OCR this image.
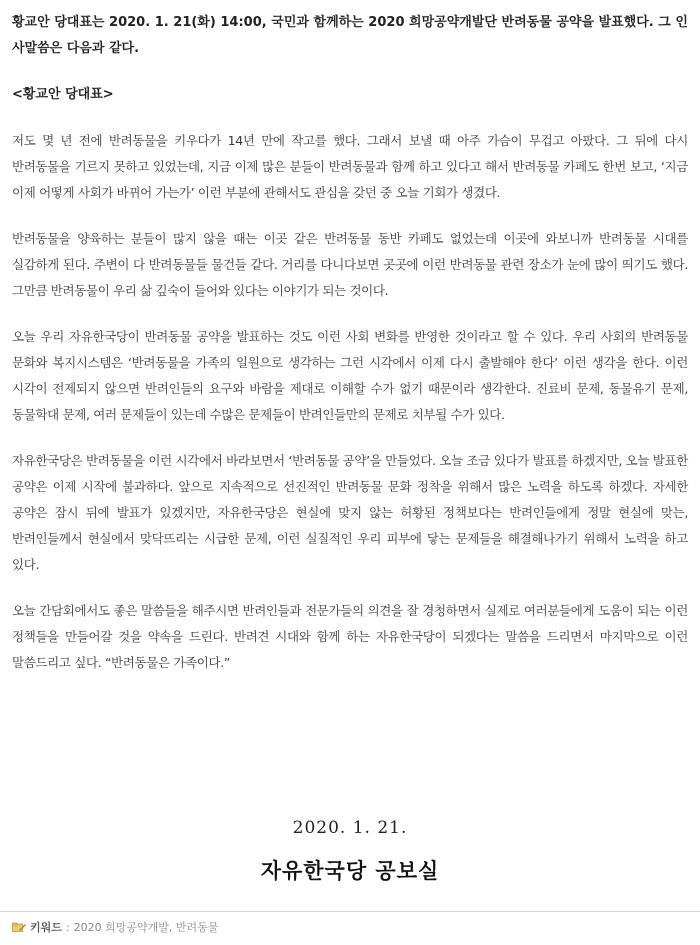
황교안 당대표는 2020. 1. 21(화) 14:00, 국민과 함께하는 2020 희망공약개발단 반려동물 공약을 발표했다. 그 인사말씀은 다음과 같다.

<황교안 당대표>

저도 몇 년 전에 반려동물을 키우다가 14년 만에 작고를 했다. 그래서 보낼 때 아주 가슴이 무겁고 아팠다. 그 뒤에 다시 반려동물을 기르지 못하고 있었는데, 지금 이제 많은 분들이 반려동물과 함께 하고 있다고 해서 반려동물 카페도 한번 보고, ‘지금 이제 어떻게 사회가 바뀌어 가는가’ 이런 부분에 관해서도 관심을 갖던 중 오늘 기회가 생겼다.

반려동물을 양육하는 분들이 많지 않을 때는 이곳 같은 반려동물 동반 카페도 없었는데 이곳에 와보니까 반려동물 시대를 실감하게 된다. 주변이 다 반려동물들 물건들 같다. 거리를 다니다보면 곳곳에 이런 반려동물 관련 장소가 눈에 많이 띄기도 했다. 그만큼 반려동물이 우리 삶 깊숙이 들어와 있다는 이야기가 되는 것이다.

오늘 우리 자유한국당이 반려동물 공약을 발표하는 것도 이런 사회 변화를 반영한 것이라고 할 수 있다. 우리 사회의 반려동물 문화와 복지시스템은 ‘반려동물을 가족의 일원으로 생각하는 그런 시각에서 이제 다시 출발해야 한다’ 이런 생각을 한다. 이런 시각이 전제되지 않으면 반려인들의 요구와 바람을 제대로 이해할 수가 없기 때문이라 생각한다. 진료비 문제, 동물유기 문제, 동물학대 문제, 여러 문제들이 있는데 수많은 문제들이 반려인들만의 문제로 치부될 수가 있다.

자유한국당은 반려동물을 이런 시각에서 바라보면서 ‘반려동물 공약’을 만들었다. 오늘 조금 있다가 발표를 하겠지만, 오늘 발표한 공약은 이제 시작에 불과하다. 앞으로 지속적으로 선진적인 반려동물 문화 정착을 위해서 많은 노력을 하도록 하겠다. 자세한 공약은 잠시 뒤에 발표가 있겠지만, 자유한국당은 현실에 맞지 않는 허황된 정책보다는 반려인들에게 정말 현실에 맞는, 반려인들께서 현실에서 맞닥뜨리는 시급한 문제, 이런 실질적인 우리 피부에 닿는 문제들을 해결해나가기 위해서 노력을 하고 있다.

오늘 간담회에서도 좋은 말씀들을 해주시면 반려인들과 전문가들의 의견을 잘 경청하면서 실제로 여러분들에게 도움이 되는 이런 정책들을 만들어갈 것을 약속을 드린다. 반려견 시대와 함께 하는 자유한국당이 되겠다는 말씀을 드리면서 마지막으로 이런 말씀드리고 싶다. “반려동물은 가족이다.”

2020. 1. 21.
자유한국당 공보실
키워드 : 2020 희망공약개발, 반려동물
